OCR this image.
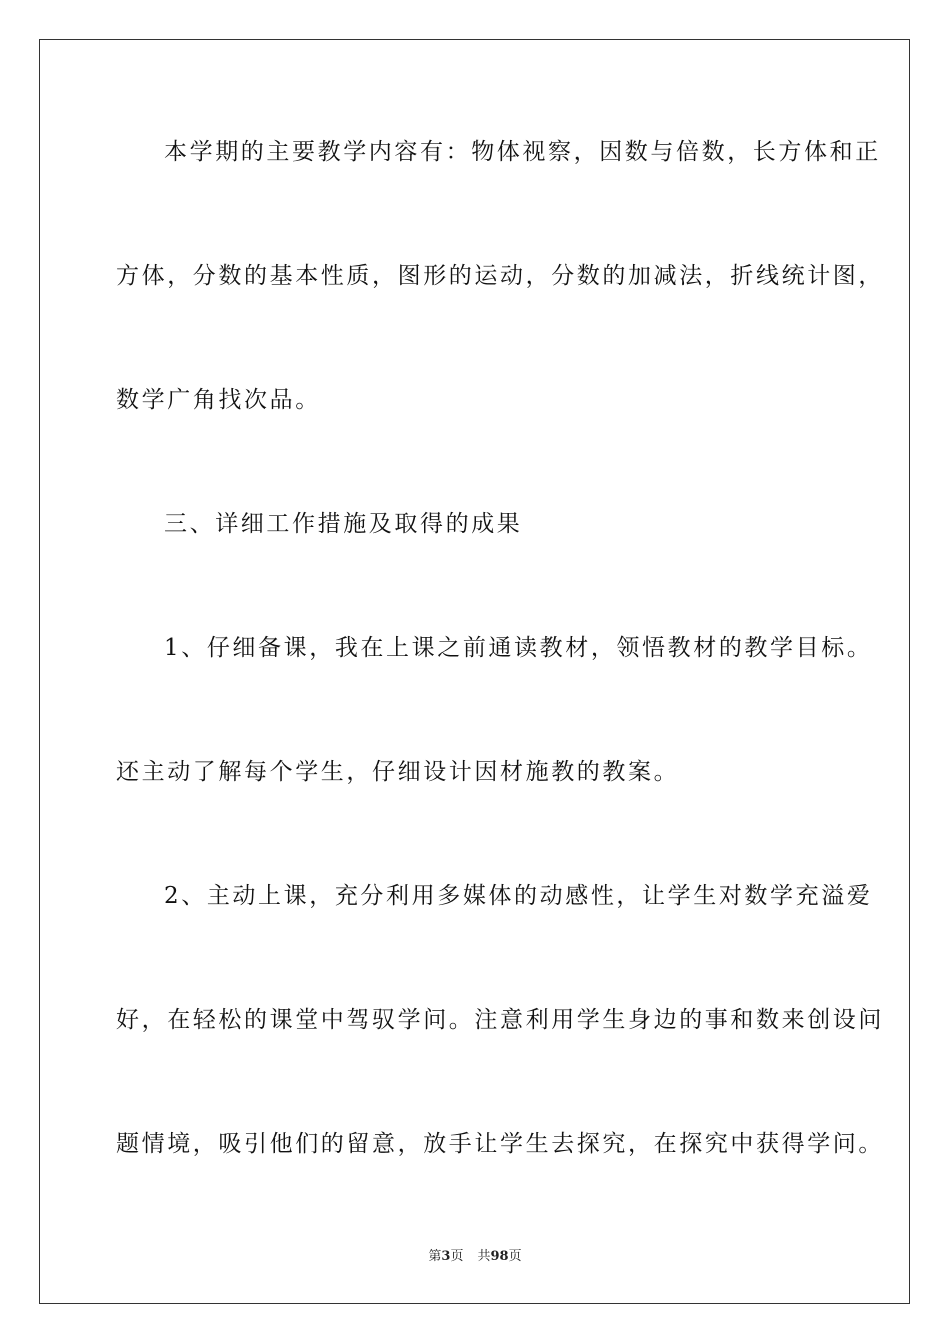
本学期的主要教学内容有：物体视察，因数与倍数，长方体和正
方体，分数的基本性质，图形的运动，分数的加减法，折线统计图，
数学广角找次品。
三、详细工作措施及取得的成果
1、仔细备课，我在上课之前通读教材，领悟教材的教学目标。
还主动了解每个学生，仔细设计因材施教的教案。
2、主动上课，充分利用多媒体的动感性，让学生对数学充溢爱
好，在轻松的课堂中驾驭学问。注意利用学生身边的事和数来创设问
题情境，吸引他们的留意，放手让学生去探究，在探究中获得学问。
第3页 共98页
